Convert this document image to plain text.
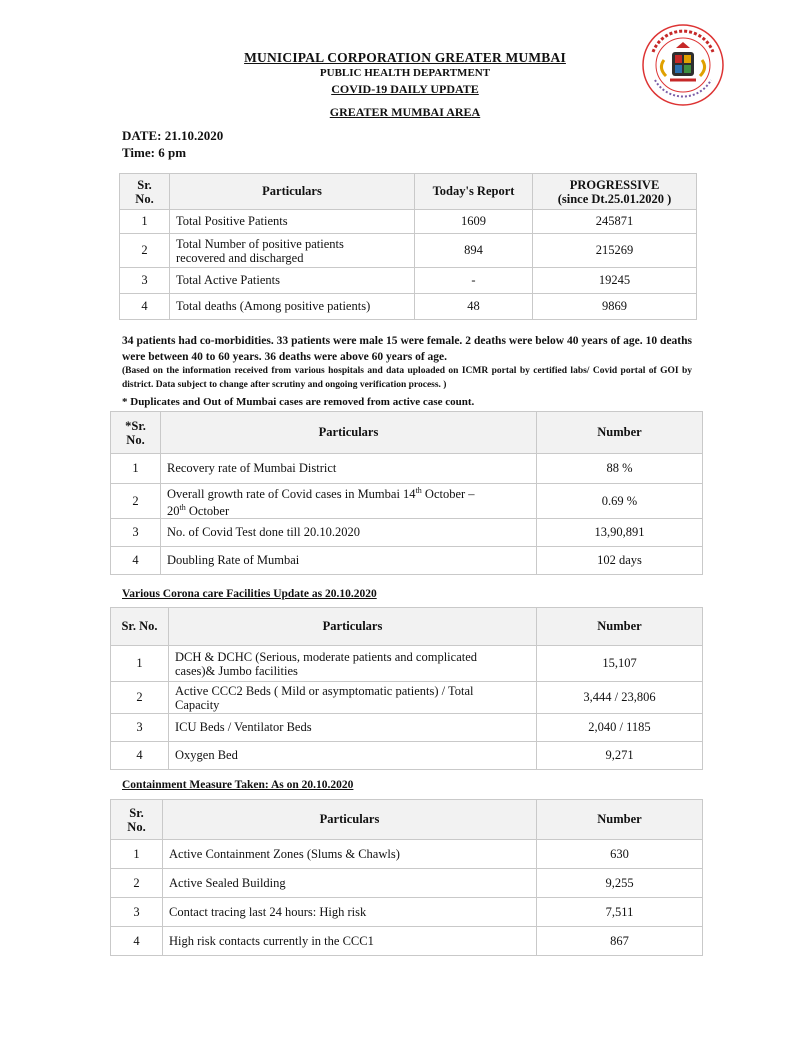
MUNICIPAL CORPORATION GREATER MUMBAI
PUBLIC HEALTH DEPARTMENT
COVID-19 DAILY UPDATE
GREATER MUMBAI AREA
DATE: 21.10.2020
Time: 6 pm
Sr.
No.	Particulars	Today's Report	PROGRESSIVE
(since Dt.25.01.2020 )
1	Total Positive Patients	1609	245871
2	Total Number of positive patients
recovered and discharged	894	215269
3	Total Active Patients	-	19245
4	Total deaths (Among positive patients)	48	9869
34 patients had co-morbidities. 33 patients were male 15 were female. 2 deaths were below 40 years of age. 10 deaths were between 40 to 60 years. 36 deaths were above 60 years of age.
(Based on the information received from various hospitals and data uploaded on ICMR portal by certified labs/ Covid portal of GOI by district. Data subject to change after scrutiny and ongoing verification process. )
* Duplicates and Out of Mumbai cases are removed from active case count.
*Sr.
No.	Particulars	Number
1	Recovery rate of Mumbai District	88 %
2	Overall growth rate of Covid cases in Mumbai 14th October –
20th October	0.69 %
3	No. of Covid Test done till 20.10.2020	13,90,891
4	Doubling Rate of Mumbai	102 days
Various Corona care Facilities Update as 20.10.2020
Sr. No.	Particulars	Number
1	DCH & DCHC (Serious, moderate patients and complicated
cases)& Jumbo facilities	15,107
2	Active CCC2 Beds ( Mild or asymptomatic patients) / Total
Capacity	3,444 / 23,806
3	ICU Beds / Ventilator Beds	2,040 / 1185
4	Oxygen Bed	9,271
Containment Measure Taken: As on 20.10.2020
Sr.
No.	Particulars	Number
1	Active Containment Zones (Slums & Chawls)	630
2	Active Sealed Building	9,255
3	Contact tracing last 24 hours: High risk	7,511
4	High risk contacts currently in the CCC1	867
